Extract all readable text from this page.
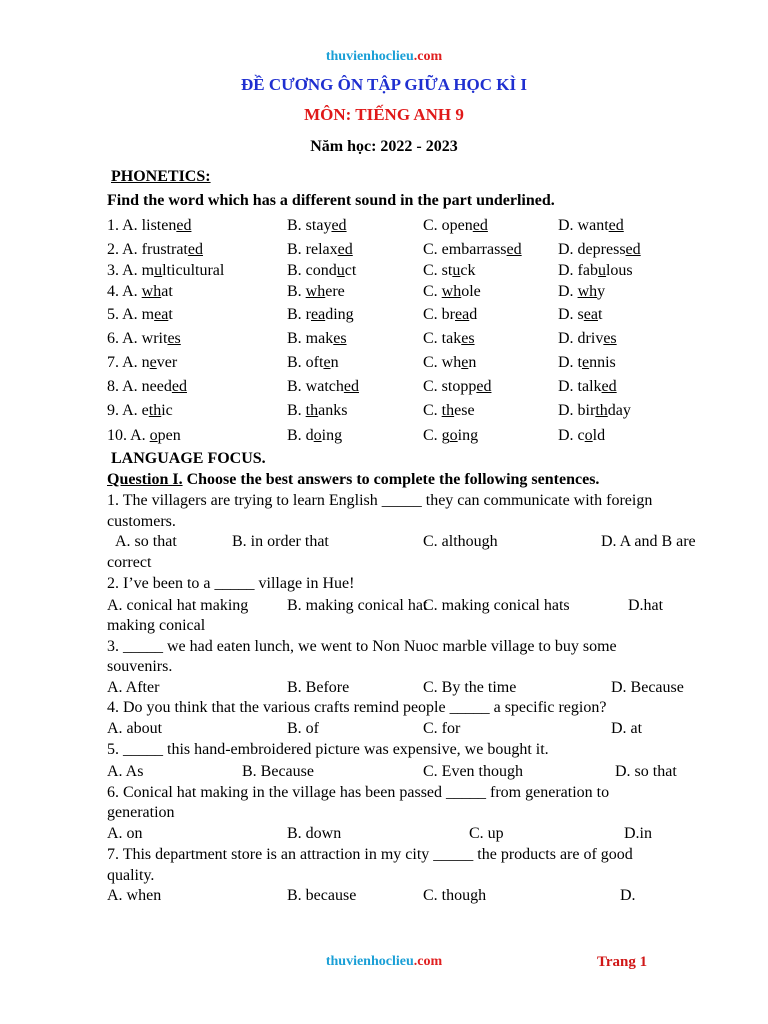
thuvienhoclieu.com
ĐỀ CƯƠNG ÔN TẬP GIỮA HỌC KÌ I
MÔN: TIẾNG ANH 9
Năm học: 2022 - 2023
PHONETICS:
Find the word which has a different sound in the part underlined.
1. A. listened	B. stayed	C. opened	D. wanted
2. A. frustrated	B. relaxed	C. embarrassed D. depressed
3. A. multicultural	B. conduct	C. stuck	D. fabulous
4. A. what	B. where	C. whole	D. why
5. A. meat	B. reading	C. bread	D. seat
6. A. writes	B. makes	C. takes	D. drives
7. A. never	B. often	C. when	D. tennis
8. A. needed	B. watched	C. stopped	D. talked
9. A. ethic	B. thanks	C. these	D. birthday
10. A. open	B. doing	C. going	D. cold
LANGUAGE FOCUS.
Question I. Choose the best answers to complete the following sentences.
1. The villagers are trying to learn English _____ they can communicate with foreign
customers.
A. so that	B. in order that	C. although	D. A and B are
correct
2. I’ve been to a _____ village in Hue!
A. conical hat making B. making conical hat
C. making conical hats	D.hat
making conical
3. _____ we had eaten lunch, we went to Non Nuoc marble village to buy some
souvenirs.
A. After	B. Before	C. By the time	D. Because
4. Do you think that the various crafts remind people _____ a specific region?
A. about	B. of	C. for	D. at
5. _____ this hand-embroidered picture was expensive, we bought it.
A. As	B. Because	C. Even though	D. so that
6. Conical hat making in the village has been passed _____ from generation to
generation
A. on	B. down	C. up	D.in
7. This department store is an attraction in my city _____ the products are of good
quality.
A. when	B. because	C. though	D.
thuvienhoclieu.com	Trang 1
